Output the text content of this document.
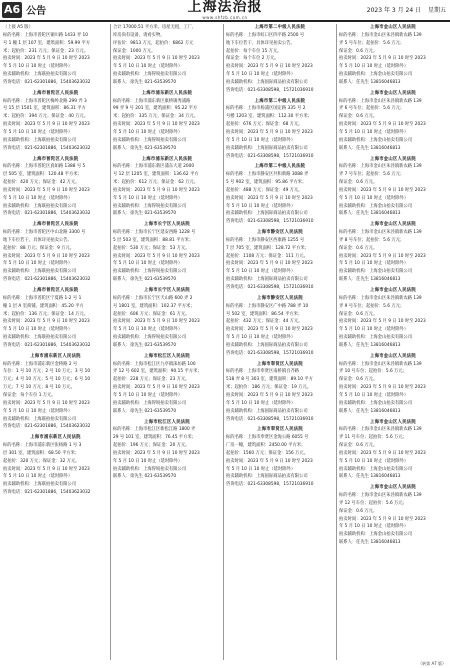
A6 公告	上海法治报
www.shfzb.com.cn
2023 年 3 月 24 日 星期五
（上接 A5 版）
标的名称：上海市普陀区铜川路 1433 弄 10
号 1 幢 1 层 107 室，建筑面积：59.99 平方
米；起拍价：231 万元；保证金：23 万元。
拍卖时间：2023 年 5 月 9 日 10 时至 2023
年 5 月 10 日 10 时止（延时除外）
拍卖辅助机构：上海联拍拍卖有限公司
咨询电话：021-62301886，15403623032
上海市普陀区人民法院
标的名称：上海市普陀区梅岭北路 299 弄 3
号 15 层 1501 室，建筑面积：86.31 平方
米；起拍价：394 万元；保证金：40 万元。
拍卖时间：2023 年 5 月 9 日 10 时至 2023
年 5 月 10 日 10 时止（延时除外）
拍卖辅助机构：上海联拍拍卖有限公司
咨询电话：021-62301886，15403623032
上海市普陀区人民法院
标的名称：上海市普陀区真如路 1388 号 5
层 505 室，建筑面积：120.48 平方米；
起拍价：420 万元；保证金：42 万元。
拍卖时间：2023 年 5 月 9 日 10 时至 2023
年 5 月 10 日 10 时止（延时除外）
拍卖辅助机构：上海联拍拍卖有限公司
咨询电话：021-62301886，15403623032
上海市普陀区人民法院
标的名称：上海市普陀区中山北路 3300 号
地下车位若干，具体详见拍卖公告。
起拍价：88 万元；保证金：9 万元。
拍卖时间：2023 年 5 月 9 日 10 时至 2023
年 5 月 10 日 10 时止（延时除外）
拍卖辅助机构：上海联拍拍卖有限公司
咨询电话：021-62301886，15403623032
上海市普陀区人民法院
标的名称：上海市普陀区宁夏路 1-2 号 1
幢 1 层 A 室商铺，建筑面积：45.20 平方
米；起拍价：136 万元；保证金：14 万元。
拍卖时间：2023 年 5 月 9 日 10 时至 2023
年 5 月 10 日 10 时止（延时除外）
拍卖辅助机构：上海联拍拍卖有限公司
咨询电话：021-62301886，15403623032
上海市浦东新区人民法院
标的名称：上海市浦东新区金桥路 2 号
车位：1 号 10 万元；2 号 10 万元；3 号 10
万元；4 号 10 万元；5 号 10 万元；6 号 10
万元；7 号 10 万元；8 号 10 万元。
保证金：每个车位 1 万元。
拍卖时间：2023 年 5 月 9 日 10 时至 2023
年 5 月 10 日 10 时止（延时除外）
拍卖辅助机构：上海联拍拍卖有限公司
咨询电话：021-62301886，15403623032
上海市浦东新区人民法院
标的名称：上海市浦东新区张杨路 1 号 3
层 301 室，建筑面积：68.50 平方米；
起拍价：320 万元；保证金：32 万元。
拍卖时间：2023 年 5 月 9 日 10 时至 2023
年 5 月 10 日 10 时止（延时除外）
拍卖辅助机构：上海联拍拍卖有限公司
咨询电话：021-62301886，15403623032
合计 17000.51 平方米。房屋无租，工厂，
库房尚有设备，请看实物。
评估价：9813 万元，起拍价：6862 万元
保证金：1000 万元。
拍卖时间：2023 年 5 月 9 日 10 时至 2023
年 5 月 10 日 10 时止（延时除外）
拍卖辅助机构：上海得锐拍卖有限公司
联系人：徐先生 021-63539570
上海市浦东新区人民法院
标的名称：上海市浦东新区康桥镇秀浦路
99 弄 9 号 201 室，建筑面积：95.22 平方
米；起拍价：335 万元；保证金：34 万元。
拍卖时间：2023 年 5 月 9 日 10 时至 2023
年 5 月 10 日 10 时止（延时除外）
拍卖辅助机构：上海得锐拍卖有限公司
联系人：徐先生 021-63539570
上海市浦东新区人民法院
标的名称：上海市浦东新区浦东大道 2000
号 12 层 1205 室，建筑面积：136.62 平方
米；起拍价：612 万元；保证金：62 万元。
拍卖时间：2023 年 5 月 9 日 10 时至 2023
年 5 月 10 日 10 时止（延时除外）
拍卖辅助机构：上海得锐拍卖有限公司
联系人：徐先生 021-63539570
上海市长宁区人民法院
标的名称：上海市长宁区延安西路 1228 号
5 层 503 室，建筑面积：88.81 平方米；
起拍价：530 万元；保证金：53 万元。
拍卖时间：2023 年 5 月 9 日 10 时至 2023
年 5 月 10 日 10 时止（延时除外）
拍卖辅助机构：上海得锐拍卖有限公司
联系人：徐先生 021-63539570
上海市长宁区人民法院
标的名称：上海市长宁区天山路 600 弄 2
号 1801 室，建筑面积：102.37 平方米；
起拍价：606 万元；保证金：61 万元。
拍卖时间：2023 年 5 月 9 日 10 时至 2023
年 5 月 10 日 10 时止（延时除外）
拍卖辅助机构：上海得锐拍卖有限公司
联系人：徐先生 021-63539570
上海市松江区人民法院
标的名称：上海市松江区九亭镇涞坊路 100
弄 12 号 602 室，建筑面积：90.15 平方米；
起拍价：228 万元；保证金：23 万元。
拍卖时间：2023 年 5 月 9 日 10 时至 2023
年 5 月 10 日 10 时止（延时除外）
拍卖辅助机构：上海得锐拍卖有限公司
联系人：徐先生 021-63539570
上海市松江区人民法院
标的名称：上海市松江区新松江路 1800 弄
29 号 101 室，建筑面积：76.45 平方米；
起拍价：196 万元；保证金：20 万元。
拍卖时间：2023 年 5 月 9 日 10 时至 2023
年 5 月 10 日 10 时止（延时除外）
拍卖辅助机构：上海得锐拍卖有限公司
联系人：徐先生 021-63539570
上海市第二中级人民法院
标的名称：上海市虹口区四平路 2500 号
地下车位若干，具体详见拍卖公告。
起拍价：每个车位 15 万元。
保证金：每个车位 2 万元。
拍卖时间：2023 年 5 月 9 日 10 时至 2023
年 5 月 10 日 10 时止（延时除外）
拍卖辅助机构：上海国际商品拍卖有限公司
咨询电话：021-63308598，15721036910
上海市第二中级人民法院
标的名称：上海市杨浦区国定路 335 号 2
号楼 1203 室，建筑面积：112.30 平方米；
起拍价：676 万元；保证金：68 万元。
拍卖时间：2023 年 5 月 9 日 10 时至 2023
年 5 月 10 日 10 时止（延时除外）
拍卖辅助机构：上海国际商品拍卖有限公司
咨询电话：021-63308598，15721036910
上海市第二中级人民法院
标的名称：上海市静安区共和新路 3088 弄
5 号 902 室，建筑面积：95.86 平方米；
起拍价：488 万元；保证金：49 万元。
拍卖时间：2023 年 5 月 9 日 10 时至 2023
年 5 月 10 日 10 时止（延时除外）
拍卖辅助机构：上海国际商品拍卖有限公司
咨询电话：021-63308598，15721036910
上海市静安区人民法院
标的名称：上海市静安区西康路 1255 号
7 层 705 室，建筑面积：128.72 平方米；
起拍价：1108 万元；保证金：111 万元。
拍卖时间：2023 年 5 月 9 日 10 时至 2023
年 5 月 10 日 10 时止（延时除外）
拍卖辅助机构：上海国际商品拍卖有限公司
咨询电话：021-63308598，15721036910
上海市静安区人民法院
标的名称：上海市静安区广中路 788 弄 10
号 502 室，建筑面积：86.54 平方米；
起拍价：432 万元；保证金：44 万元。
拍卖时间：2023 年 5 月 9 日 10 时至 2023
年 5 月 10 日 10 时止（延时除外）
拍卖辅助机构：上海国际商品拍卖有限公司
咨询电话：021-63308598，15721036910
上海市奉贤区人民法院
标的名称：上海市奉贤区南桥镇百齐路
518 弄 8 号 303 室，建筑面积：89.10 平方
米；起拍价：186 万元；保证金：19 万元。
拍卖时间：2023 年 5 月 9 日 10 时至 2023
年 5 月 10 日 10 时止（延时除外）
拍卖辅助机构：上海国际商品拍卖有限公司
咨询电话：021-63308598，15721036910
上海市奉贤区人民法院
标的名称：上海市奉贤区金海公路 6055 号
厂房一幢，建筑面积：2450.00 平方米；
起拍价：1560 万元；保证金：156 万元。
拍卖时间：2023 年 5 月 9 日 10 时至 2023
年 5 月 10 日 10 时止（延时除外）
拍卖辅助机构：上海国际商品拍卖有限公司
咨询电话：021-63308598，15721036910
上海市金山区人民法院
标的名称：上海市金山区朱泾镇新农路 139
弄 5 号车位；起拍价：5.6 万元；
保证金：0.6 万元。
拍卖时间：2023 年 5 月 9 日 10 时至 2023
年 5 月 10 日 10 时止（延时除外）
拍卖辅助机构：上海金山拍卖有限公司
联系人：任先生 13816046813
上海市金山区人民法院
标的名称：上海市金山区朱泾镇新农路 139
弄 6 号车位；起拍价：5.6 万元；
保证金：0.6 万元。
拍卖时间：2023 年 5 月 9 日 10 时至 2023
年 5 月 10 日 10 时止（延时除外）
拍卖辅助机构：上海金山拍卖有限公司
联系人：任先生 13816046813
上海市金山区人民法院
标的名称：上海市金山区朱泾镇新农路 139
弄 7 号车位；起拍价：5.6 万元；
保证金：0.6 万元。
拍卖时间：2023 年 5 月 9 日 10 时至 2023
年 5 月 10 日 10 时止（延时除外）
拍卖辅助机构：上海金山拍卖有限公司
联系人：任先生 13816046813
上海市金山区人民法院
标的名称：上海市金山区朱泾镇新农路 139
弄 8 号车位；起拍价：5.6 万元；
保证金：0.6 万元。
拍卖时间：2023 年 5 月 9 日 10 时至 2023
年 5 月 10 日 10 时止（延时除外）
拍卖辅助机构：上海金山拍卖有限公司
联系人：任先生 13816046813
上海市金山区人民法院
标的名称：上海市金山区朱泾镇新农路 139
弄 9 号车位；起拍价：5.6 万元；
保证金：0.6 万元。
拍卖时间：2023 年 5 月 9 日 10 时至 2023
年 5 月 10 日 10 时止（延时除外）
拍卖辅助机构：上海金山拍卖有限公司
联系人：任先生 13816046813
上海市金山区人民法院
标的名称：上海市金山区朱泾镇新农路 139
弄 10 号车位；起拍价：5.6 万元；
保证金：0.6 万元。
拍卖时间：2023 年 5 月 9 日 10 时至 2023
年 5 月 10 日 10 时止（延时除外）
拍卖辅助机构：上海金山拍卖有限公司
联系人：任先生 13816046813
上海市金山区人民法院
标的名称：上海市金山区朱泾镇新农路 139
弄 11 号车位；起拍价：5.6 万元；
保证金：0.6 万元。
拍卖时间：2023 年 5 月 9 日 10 时至 2023
年 5 月 10 日 10 时止（延时除外）
拍卖辅助机构：上海金山拍卖有限公司
联系人：任先生 13816046813
上海市金山区人民法院
标的名称：上海市金山区朱泾镇新农路 139
弄 12 号车位；起拍价：5.6 万元；
保证金：0.6 万元。
拍卖时间：2023 年 5 月 9 日 10 时至 2023
年 5 月 10 日 10 时止（延时除外）
拍卖辅助机构：上海金山拍卖有限公司
联系人：任先生 13816046813
（转第 A7 版）
